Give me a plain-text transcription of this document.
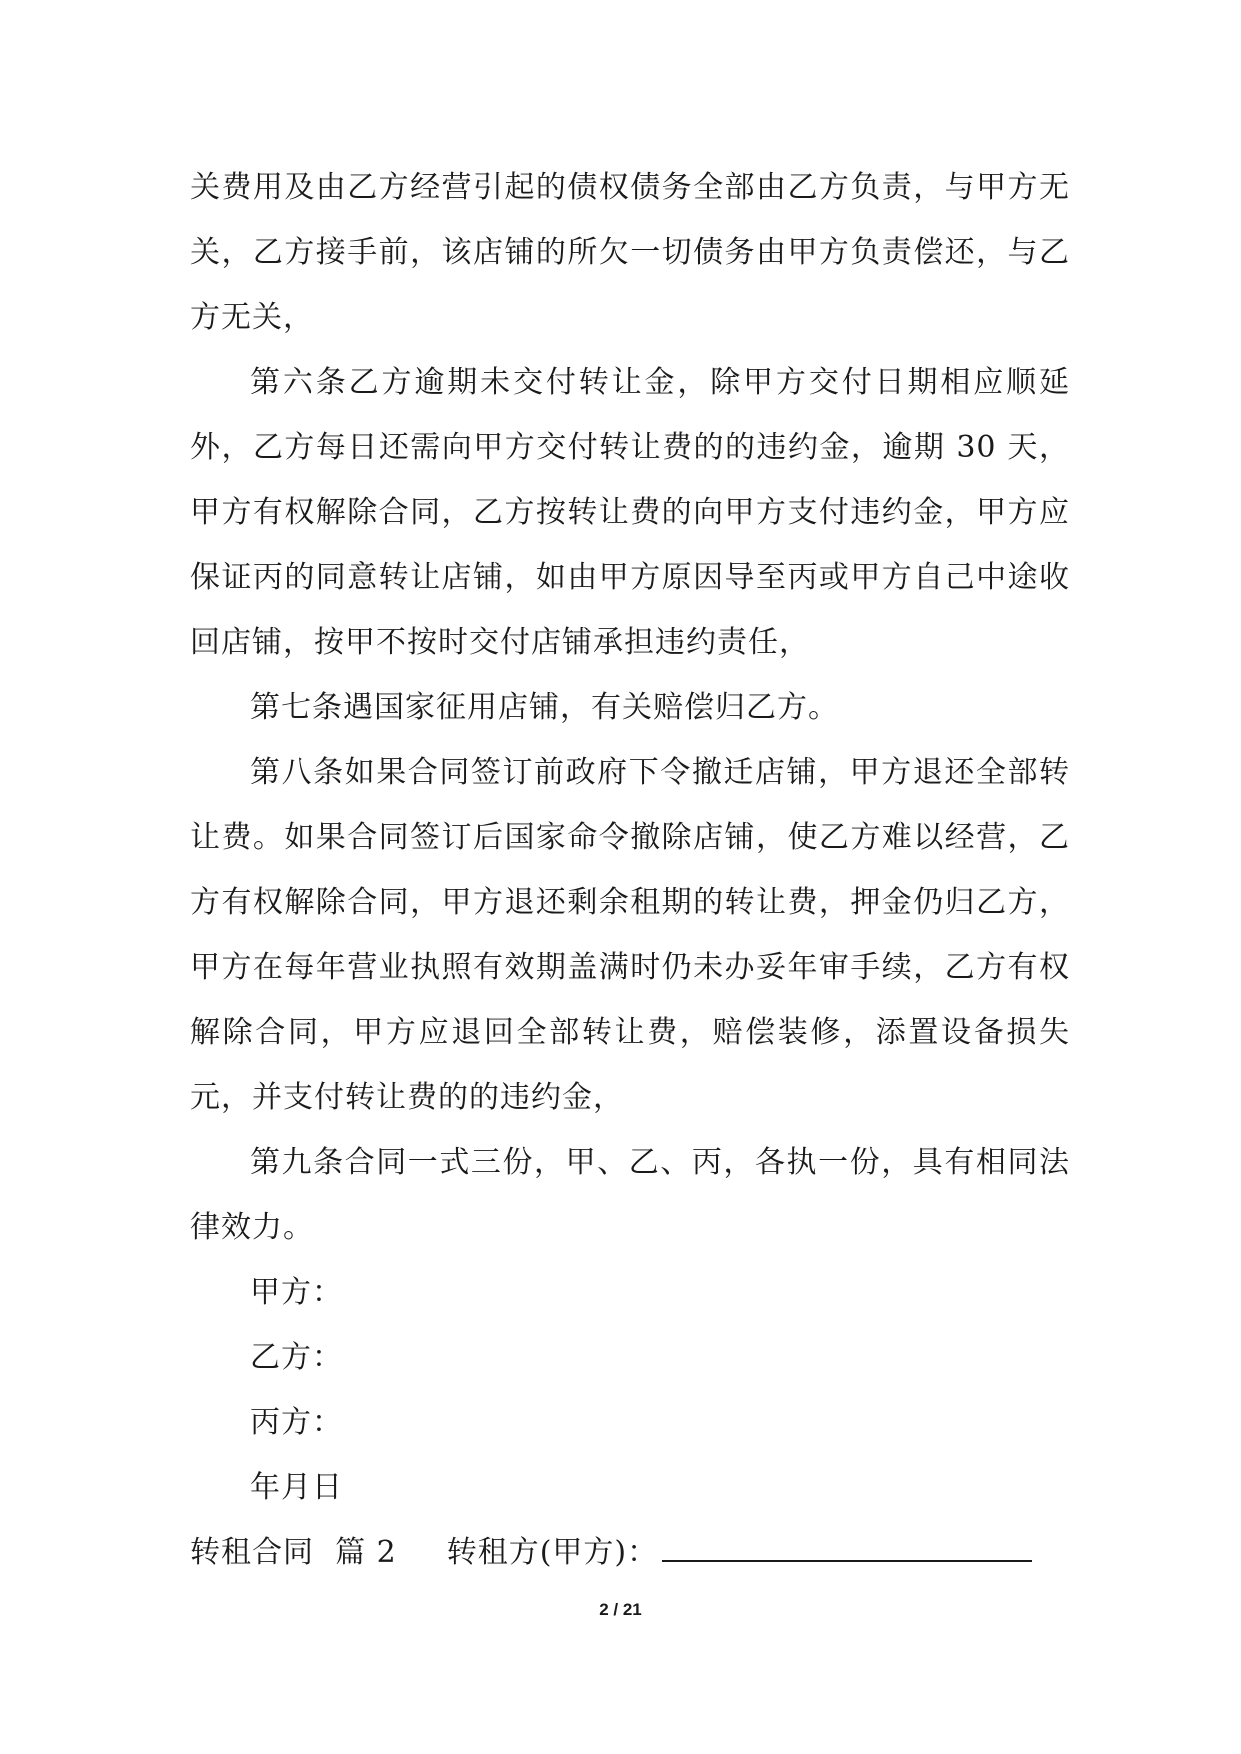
关费用及由乙方经营引起的债权债务全部由乙方负责，与甲方无关，乙方接手前，该店铺的所欠一切债务由甲方负责偿还，与乙方无关，

第六条乙方逾期未交付转让金，除甲方交付日期相应顺延外，乙方每日还需向甲方交付转让费的的违约金，逾期 30 天，甲方有权解除合同，乙方按转让费的向甲方支付违约金，甲方应保证丙的同意转让店铺，如由甲方原因导至丙或甲方自己中途收回店铺，按甲不按时交付店铺承担违约责任，

第七条遇国家征用店铺，有关赔偿归乙方。

第八条如果合同签订前政府下令撤迁店铺，甲方退还全部转让费。如果合同签订后国家命令撤除店铺，使乙方难以经营，乙方有权解除合同，甲方退还剩余租期的转让费，押金仍归乙方，甲方在每年营业执照有效期盖满时仍未办妥年审手续，乙方有权解除合同，甲方应退回全部转让费，赔偿装修，添置设备损失元，并支付转让费的的违约金，

第九条合同一式三份，甲、乙、丙，各执一份，具有相同法律效力。

甲方：

乙方：

丙方：

年月日

转租合同 篇 2 转租方(甲方)：

2 / 21
